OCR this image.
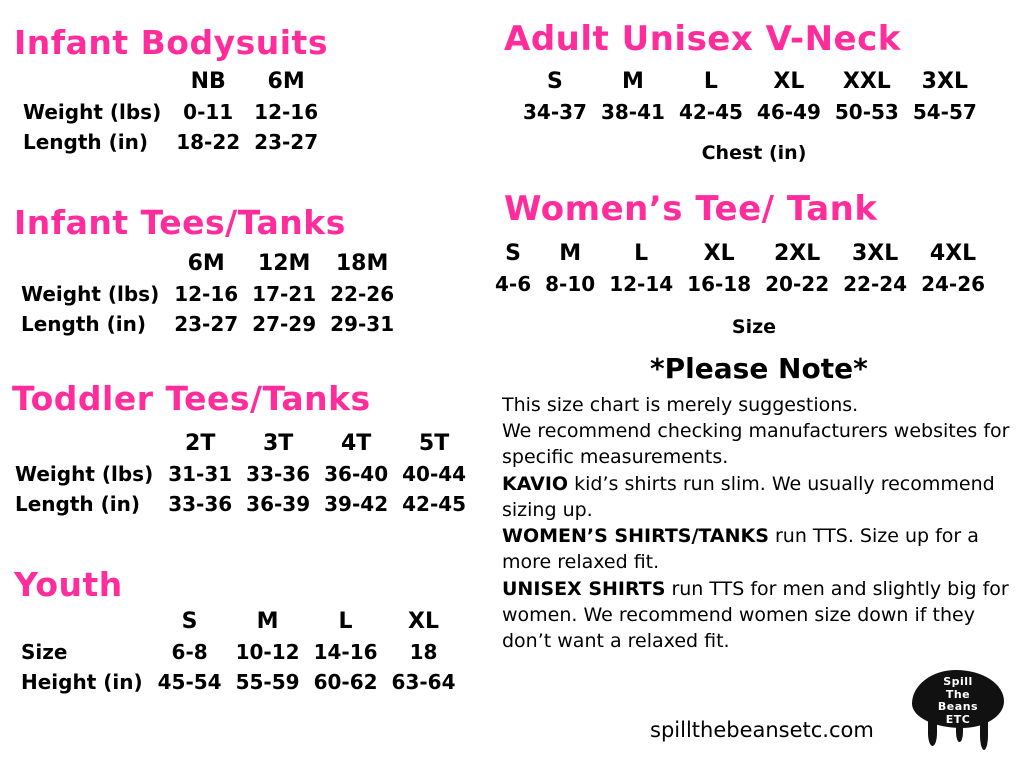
Infant Bodysuits
	NB	6M
Weight (lbs)	0-11	12-16
Length (in)	18-22	23-27
Infant Tees/Tanks
	6M	12M	18M
Weight (lbs)	12-16	17-21	22-26
Length (in)	23-27	27-29	29-31
Toddler Tees/Tanks
	2T	3T	4T	5T
Weight (lbs)	31-31	33-36	36-40	40-44
Length (in)	33-36	36-39	39-42	42-45
Youth
	S	M	L	XL
Size	6-8	10-12	14-16	18
Height (in)	45-54	55-59	60-62	63-64
Adult Unisex V-Neck
S	M	L	XL	XXL	3XL
34-37	38-41	42-45	46-49	50-53	54-57
Chest (in)
Women’s Tee/ Tank
S	M	L	XL	2XL	3XL	4XL
4-6	8-10	12-14	16-18	20-22	22-24	24-26
Size
*Please Note*
This size chart is merely suggestions.
We recommend checking manufacturers websites for specific measurements.
KAVIO kid’s shirts run slim. We usually recommend sizing up.
WOMEN’S SHIRTS/TANKS run TTS. Size up for a more relaxed fit.
UNISEX SHIRTS run TTS for men and slightly big for women. We recommend women size down if they don’t want a relaxed fit.
spillthebeansetc.com
Spill
The
Beans
ETC
